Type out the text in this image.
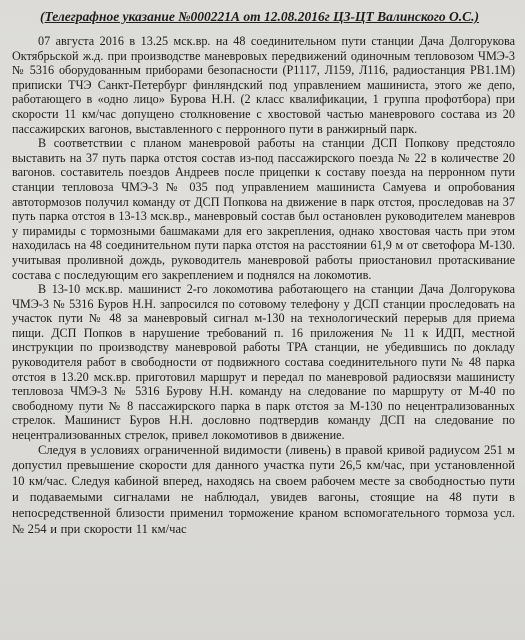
(Телеграфное указание №000221А от 12.08.2016г ЦЗ-ЦТ Валинского О.С.)

07 августа 2016 в 13.25 мск.вр. на 48 соединительном пути станции Дача Долгорукова Октябрьской ж.д. при производстве маневровых передвижений одиночным тепловозом ЧМЭ-3 № 5316 оборудованным приборами безопасности (Р1117, Л159, Л116, радиостанция РВ1.1М) приписки ТЧЭ Санкт-Петербург финляндский под управлением машиниста, этого же депо, работающего в «одно лицо» Бурова Н.Н. (2 класс квалификации, 1 группа профотбора) при скорости 11 км/час допущено столкновение с хвостовой частью маневрового состава из 20 пассажирских вагонов, выставленного с перронного пути в ранжирный парк.

В соответствии с планом маневровой работы на станции ДСП Попкову предстояло выставить на 37 путь парка отстоя состав из-под пассажирского поезда № 22 в количестве 20 вагонов. составитель поездов Андреев после прицепки к составу поезда на перронном пути станции тепловоза ЧМЭ-3 № 035 под управлением машиниста Самуева и опробования автотормозов получил команду от ДСП Попкова на движение в парк отстоя, проследовав на 37 путь парка отстоя в 13-13 мск.вр., маневровый состав был остановлен руководителем маневров у пирамиды с тормозными башмаками для его закрепления, однако хвостовая часть при этом находилась на 48 соединительном пути парка отстоя на расстоянии 61,9 м от светофора М-130. учитывая проливной дождь, руководитель маневровой работы приостановил протаскивание состава с последующим его закреплением и поднялся на локомотив.

В 13-10 мск.вр. машинист 2-го локомотива работающего на станции Дача Долгорукова ЧМЭ-3 № 5316 Буров Н.Н. запросился по сотовому телефону у ДСП станции проследовать на участок пути № 48 за маневровый сигнал м-130 на технологический перерыв для приема пищи. ДСП Попков в нарушение требований п. 16 приложения № 11 к ИДП, местной инструкции по производству маневровой работы ТРА станции, не убедившись по докладу руководителя работ в свободности от подвижного состава соединительного пути № 48 парка отстоя в 13.20 мск.вр. приготовил маршрут и передал по маневровой радиосвязи машинисту тепловоза ЧМЭ-3 № 5316 Бурову Н.Н. команду на следование по маршруту от М-40 по свободному пути № 8 пассажирского парка в парк отстоя за М-130 по нецентрализованных стрелок. Машинист Буров Н.Н. дословно подтвердив команду ДСП на следование по нецентрализованных стрелок, привел локомотивов в движение.

Следуя в условиях ограниченной видимости (ливень) в правой кривой радиусом 251 м допустил превышение скорости для данного участка пути 26,5 км/час, при установленной 10 км/час. Следуя кабиной вперед, находясь на своем рабочем месте за свободностью пути и подаваемыми сигналами не наблюдал, увидев вагоны, стоящие на 48 пути в непосредственной близости применил торможение краном вспомогательного тормоза усл. № 254 и при скорости 11 км/час
